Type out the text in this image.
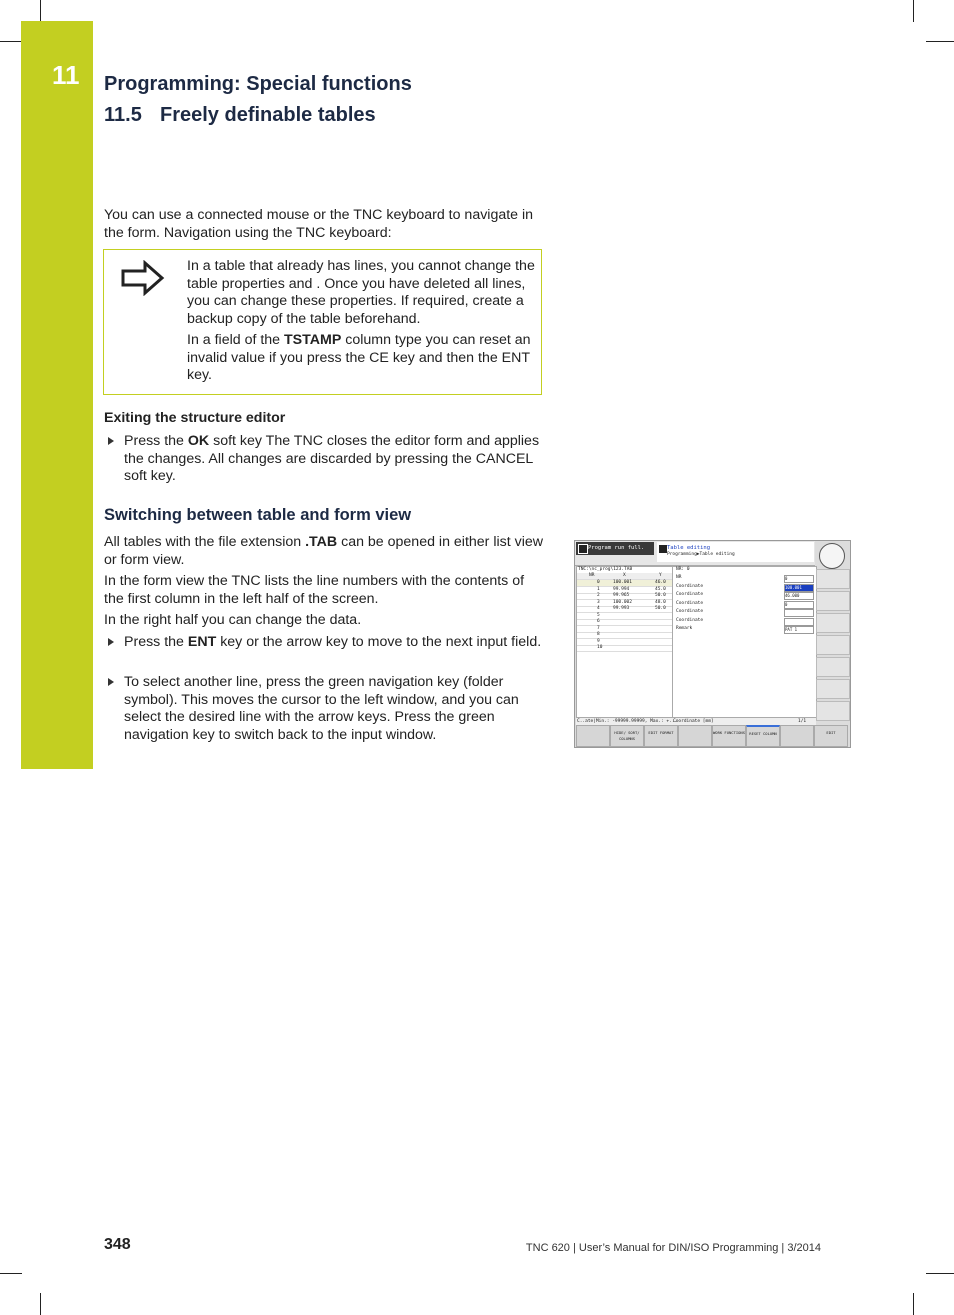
11 Programming: Special functions
11.5 Freely definable tables

You can use a connected mouse or the TNC keyboard to navigate in the form. Navigation using the TNC keyboard:

In a table that already has lines, you cannot change the table properties and . Once you have deleted all lines, you can change these properties. If required, create a backup copy of the table beforehand.

In a field of the TSTAMP column type you can reset an invalid value if you press the CE key and then the ENT key.

Exiting the structure editor
Press the OK soft key The TNC closes the editor form and applies the changes. All changes are discarded by pressing the CANCEL soft key.
Switching between table and form view

All tables with the file extension .TAB can be opened in either list view or form view.

In the form view the TNC lists the line numbers with the contents of the first column in the left half of the screen.

In the right half you can change the data.

Press the ENT key or the arrow key to move to the next input field.
To select another line, press the green navigation key (folder symbol). This moves the cursor to the left window, and you can select the desired line with the arrow keys. Press the green navigation key to switch back to the input window.
Program run full.	Table editing
Programming▶Table editing
TNC:\nc_prog\123.TAB
NR	X	Y
0	100.001	46.0
1	99.994	45.0
2	99.965	50.0
3	100.002	48.0
4	99.993	50.0
5
6
7
8
9
10
NR: 0
NR	0
Coordinate	100.001
Coordinate	46.000
Coordinate	0
Coordinate
Coordinate
Remark	PAT 1
C..ate|Min.: -99999.99999, Max.: +...
Coordinate [mm]	1/1
HIDE/ SORT/ COLUMNS
EDIT FORMAT	WORK FUNCTIONS	RESET COLUMN	EDIT
348	TNC 620 | User’s Manual for DIN/ISO Programming | 3/2014
